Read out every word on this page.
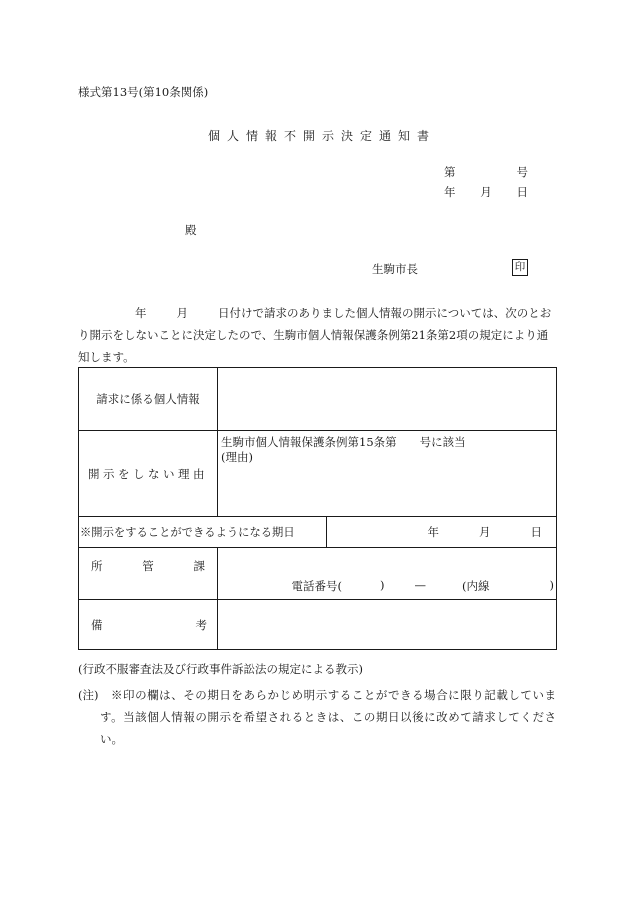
様式第13号(第10条関係)
個人情報不開示決定通知書
第	号
年 月 日
殿
生駒市長	印
年	月	日付けで請求のありました個人情報の開示については、次のとお
り開示をしないことに決定したので、生駒市個人情報保護条例第21条第2項の規定により通
知します。
請求に係る個人情報		
開示をしない理由	生駒市個人情報保護条例第15条第　　号に該当
(理由)	

※開示をすることができるようになる期日		年 月 日

所 管 課	電話番号( ) — (内線 )	

備 考		

(行政不服審査法及び行政事件訴訟法の規定による教示)
(注)	※印の欄は、その期日をあらかじめ明示することができる場合に限り記載しています。当該個人情報の開示を希望されるときは、この期日以後に改めて請求してください。
